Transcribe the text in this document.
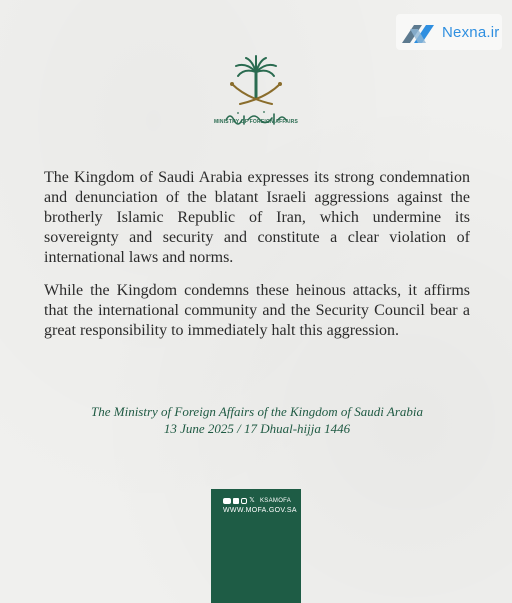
Nexna.ir
MINISTRY OF FOREIGN AFFAIRS

The Kingdom of Saudi Arabia expresses its strong condemnation and denunciation of the blatant Israeli aggressions against the brotherly Islamic Republic of Iran, which undermine its sovereignty and security and constitute a clear violation of international laws and norms.

While the Kingdom condemns these heinous attacks, it affirms that the international community and the Security Council bear a great responsibility to immediately halt this aggression.

The Ministry of Foreign Affairs of the Kingdom of Saudi Arabia
13 June 2025 / 17 Dhual-hijja 1446
𝕏 KSAMOFA
WWW.MOFA.GOV.SA
